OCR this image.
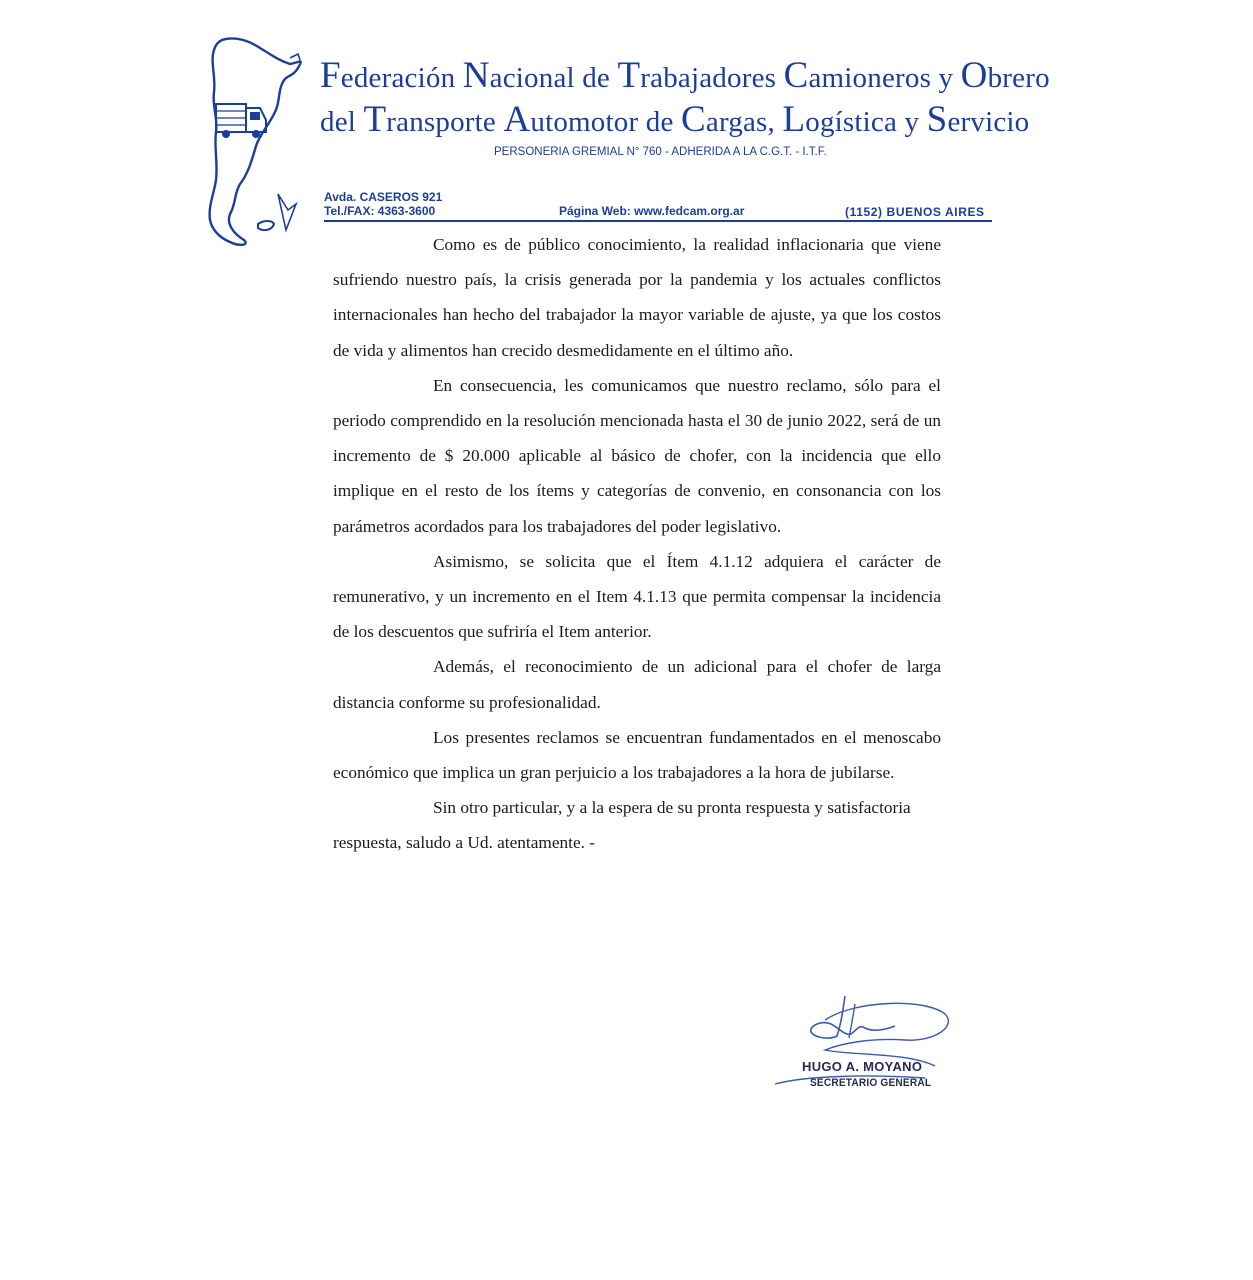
Federación Nacional de Trabajadores Camioneros y Obrero
del Transporte Automotor de Cargas, Logística y Servicio
PERSONERIA GREMIAL N° 760 - ADHERIDA A LA C.G.T. - I.T.F.
Avda. CASEROS 921
Tel./FAX: 4363-3600	Página Web: www.fedcam.org.ar	(1152) BUENOS AIRES

Como es de público conocimiento, la realidad inflacionaria que viene sufriendo nuestro país, la crisis generada por la pandemia y los actuales conflictos internacionales han hecho del trabajador la mayor variable de ajuste, ya que los costos de vida y alimentos han crecido desmedidamente en el último año.

En consecuencia, les comunicamos que nuestro reclamo, sólo para el periodo comprendido en la resolución mencionada hasta el 30 de junio 2022, será de un incremento de $ 20.000 aplicable al básico de chofer, con la incidencia que ello implique en el resto de los ítems y categorías de convenio, en consonancia con los parámetros acordados para los trabajadores del poder legislativo.

Asimismo, se solicita que el Ítem 4.1.12 adquiera el carácter de remunerativo, y un incremento en el Item 4.1.13 que permita compensar la incidencia de los descuentos que sufriría el Item anterior.

Además, el reconocimiento de un adicional para el chofer de larga distancia conforme su profesionalidad.

Los presentes reclamos se encuentran fundamentados en el menoscabo económico que implica un gran perjuicio a los trabajadores a la hora de jubilarse.

Sin otro particular, y a la espera de su pronta respuesta y satisfactoria respuesta, saludo a Ud. atentamente. -

HUGO A. MOYANO
SECRETARIO GENERAL
